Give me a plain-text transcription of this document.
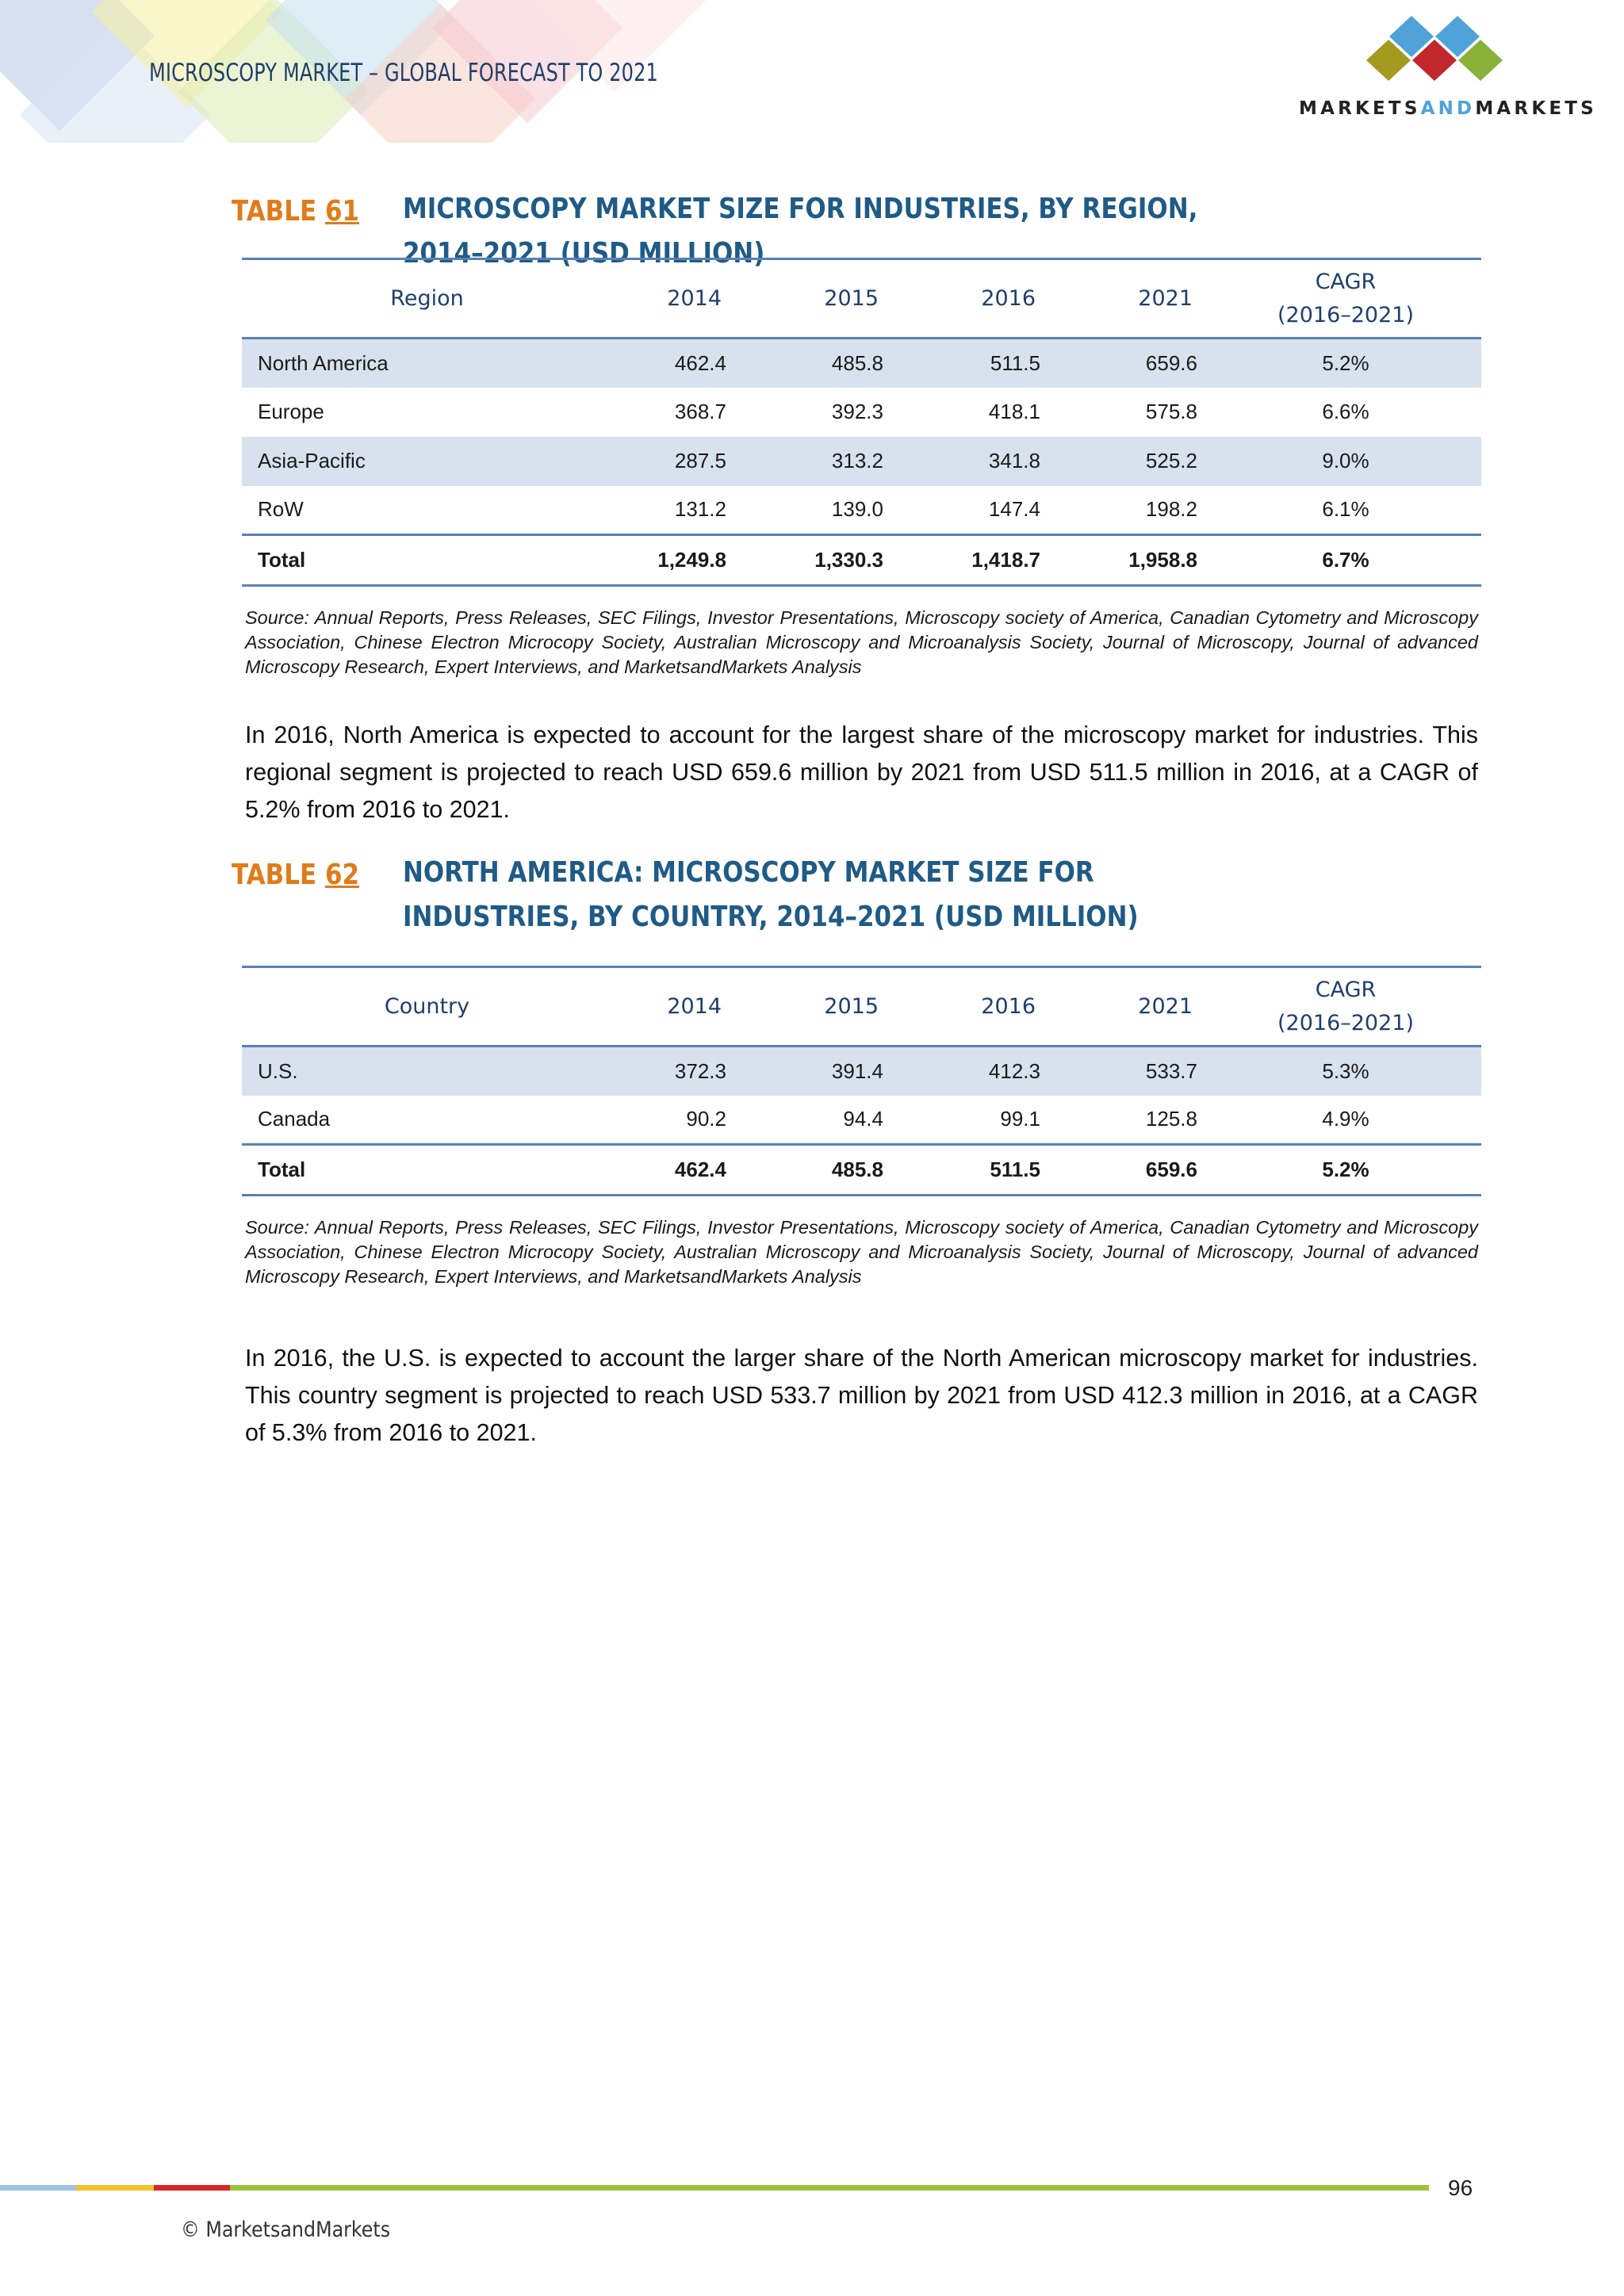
MICROSCOPY MARKET – GLOBAL FORECAST TO 2021
MARKETSANDMARKETS
TABLE 61	MICROSCOPY MARKET SIZE FOR INDUSTRIES, BY REGION, 2014–2021 (USD MILLION)
Region	2014	2015	2016	2021	CAGR
(2016–2021)
North America	462.4	485.8	511.5	659.6	5.2%
Europe	368.7	392.3	418.1	575.8	6.6%
Asia-Pacific	287.5	313.2	341.8	525.2	9.0%
RoW	131.2	139.0	147.4	198.2	6.1%
Total	1,249.8	1,330.3	1,418.7	1,958.8	6.7%
Source: Annual Reports, Press Releases, SEC Filings, Investor Presentations, Microscopy society of America, Canadian Cytometry and Microscopy Association, Chinese Electron Microcopy Society, Australian Microscopy and Microanalysis Society, Journal of Microscopy, Journal of advanced Microscopy Research, Expert Interviews, and MarketsandMarkets Analysis
In 2016, North America is expected to account for the largest share of the microscopy market for industries. This regional segment is projected to reach USD 659.6 million by 2021 from USD 511.5 million in 2016, at a CAGR of 5.2% from 2016 to 2021.
TABLE 62	NORTH AMERICA: MICROSCOPY MARKET SIZE FOR INDUSTRIES, BY COUNTRY, 2014–2021 (USD MILLION)
Country	2014	2015	2016	2021	CAGR
(2016–2021)
U.S.	372.3	391.4	412.3	533.7	5.3%
Canada	90.2	94.4	99.1	125.8	4.9%
Total	462.4	485.8	511.5	659.6	5.2%
Source: Annual Reports, Press Releases, SEC Filings, Investor Presentations, Microscopy society of America, Canadian Cytometry and Microscopy Association, Chinese Electron Microcopy Society, Australian Microscopy and Microanalysis Society, Journal of Microscopy, Journal of advanced Microscopy Research, Expert Interviews, and MarketsandMarkets Analysis
In 2016, the U.S. is expected to account the larger share of the North American microscopy market for industries. This country segment is projected to reach USD 533.7 million by 2021 from USD 412.3 million in 2016, at a CAGR of 5.3% from 2016 to 2021.
96
© MarketsandMarkets
